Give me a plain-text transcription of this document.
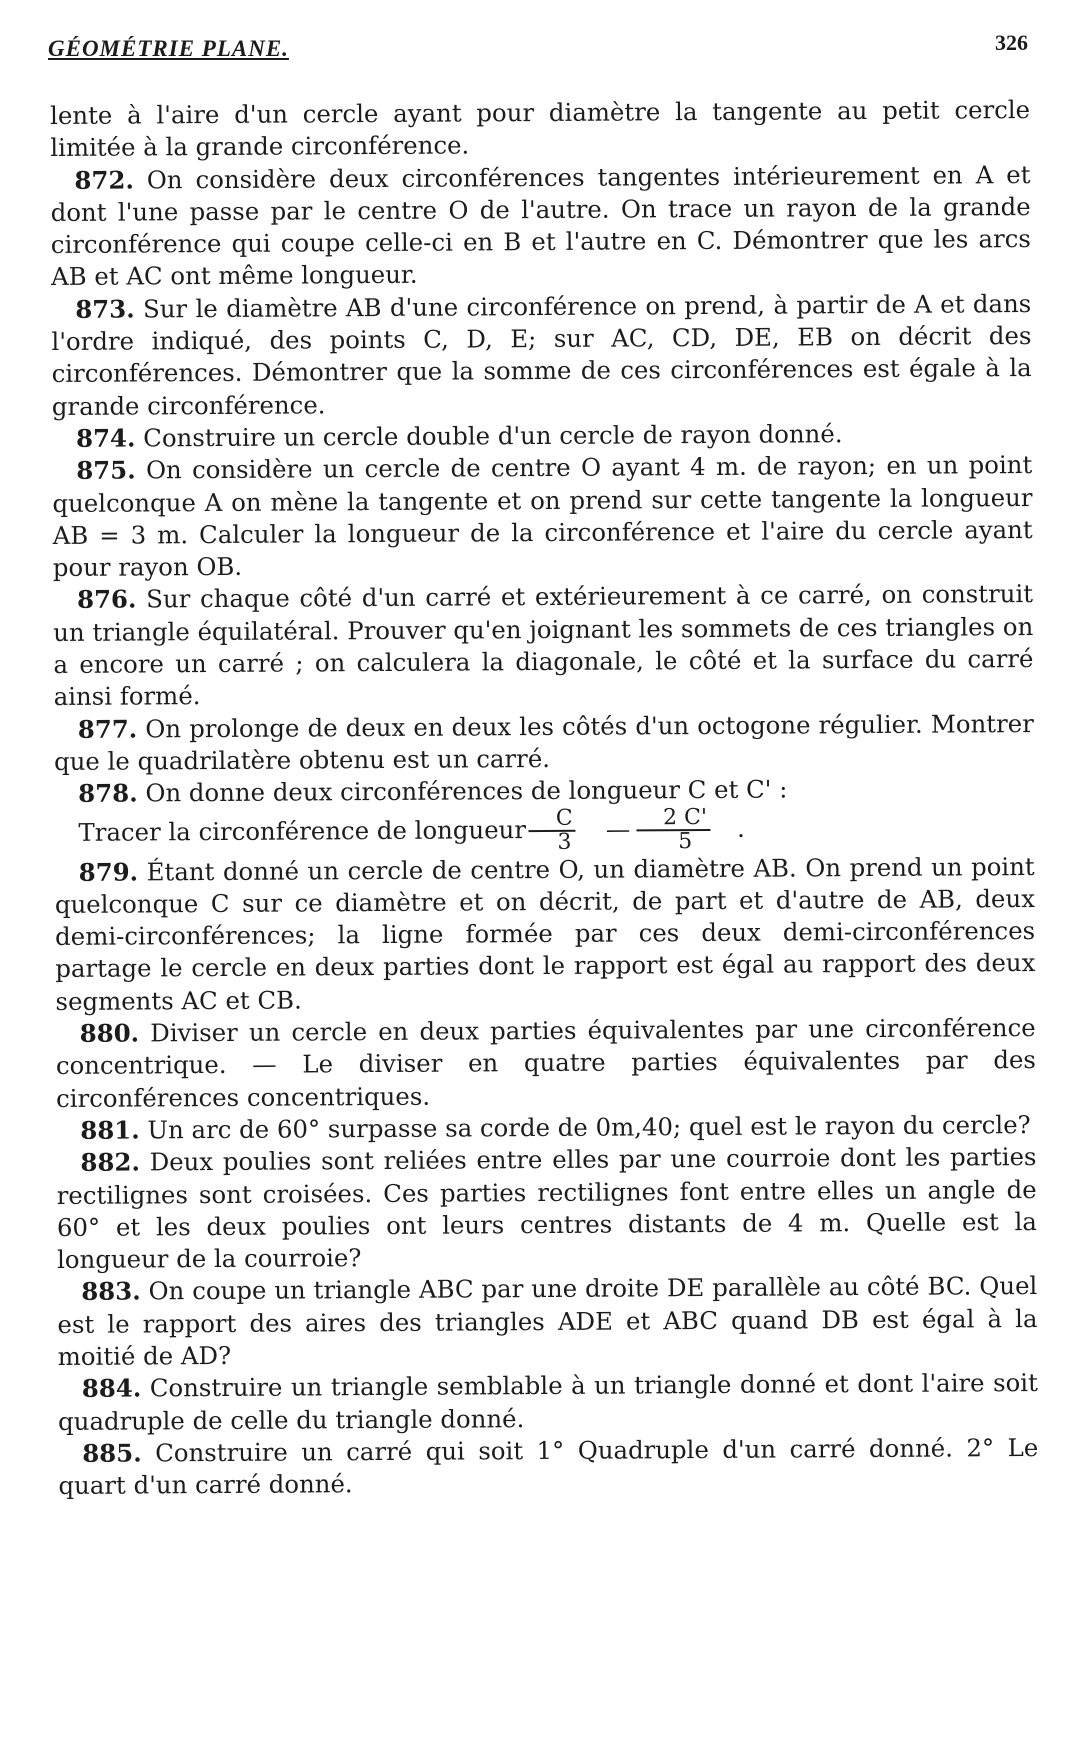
GÉOMÉTRIE PLANE.	326

lente à l'aire d'un cercle ayant pour diamètre la tangente au petit cercle limitée à la grande circonférence.

872. On considère deux circonférences tangentes intérieurement en A et dont l'une passe par le centre O de l'autre. On trace un rayon de la grande circonférence qui coupe celle-ci en B et l'autre en C. Démontrer que les arcs AB et AC ont même longueur.

873. Sur le diamètre AB d'une circonférence on prend, à partir de A et dans l'ordre indiqué, des points C, D, E; sur AC, CD, DE, EB on décrit des circonférences. Démontrer que la somme de ces circonférences est égale à la grande circonférence.

874. Construire un cercle double d'un cercle de rayon donné.

875. On considère un cercle de centre O ayant 4 m. de rayon; en un point quelconque A on mène la tangente et on prend sur cette tangente la longueur AB = 3 m. Calculer la longueur de la circonférence et l'aire du cercle ayant pour rayon OB.

876. Sur chaque côté d'un carré et extérieurement à ce carré, on construit un triangle équilatéral. Prouver qu'en joignant les sommets de ces triangles on a encore un carré ; on calculera la diagonale, le côté et la surface du carré ainsi formé.

877. On prolonge de deux en deux les côtés d'un octogone régulier. Montrer que le quadrilatère obtenu est un carré.

878. On donne deux circonférences de longueur C et C' :

Tracer la circonférence de longueur $\frac{C}{3}$	— $\frac{2 C'}{5}$	.

879. Étant donné un cercle de centre O, un diamètre AB. On prend un point quelconque C sur ce diamètre et on décrit, de part et d'autre de AB, deux demi-circonférences; la ligne formée par ces deux demi-circonférences partage le cercle en deux parties dont le rapport est égal au rapport des deux segments AC et CB.

880. Diviser un cercle en deux parties équivalentes par une circonférence concentrique. — Le diviser en quatre parties équivalentes par des circonférences concentriques.

881. Un arc de 60° surpasse sa corde de 0m,40; quel est le rayon du cercle?

882. Deux poulies sont reliées entre elles par une courroie dont les parties rectilignes sont croisées. Ces parties rectilignes font entre elles un angle de 60° et les deux poulies ont leurs centres distants de 4 m. Quelle est la longueur de la courroie?

883. On coupe un triangle ABC par une droite DE parallèle au côté BC. Quel est le rapport des aires des triangles ADE et ABC quand DB est égal à la moitié de AD?

884. Construire un triangle semblable à un triangle donné et dont l'aire soit quadruple de celle du triangle donné.

885. Construire un carré qui soit 1° Quadruple d'un carré donné. 2° Le quart d'un carré donné.
